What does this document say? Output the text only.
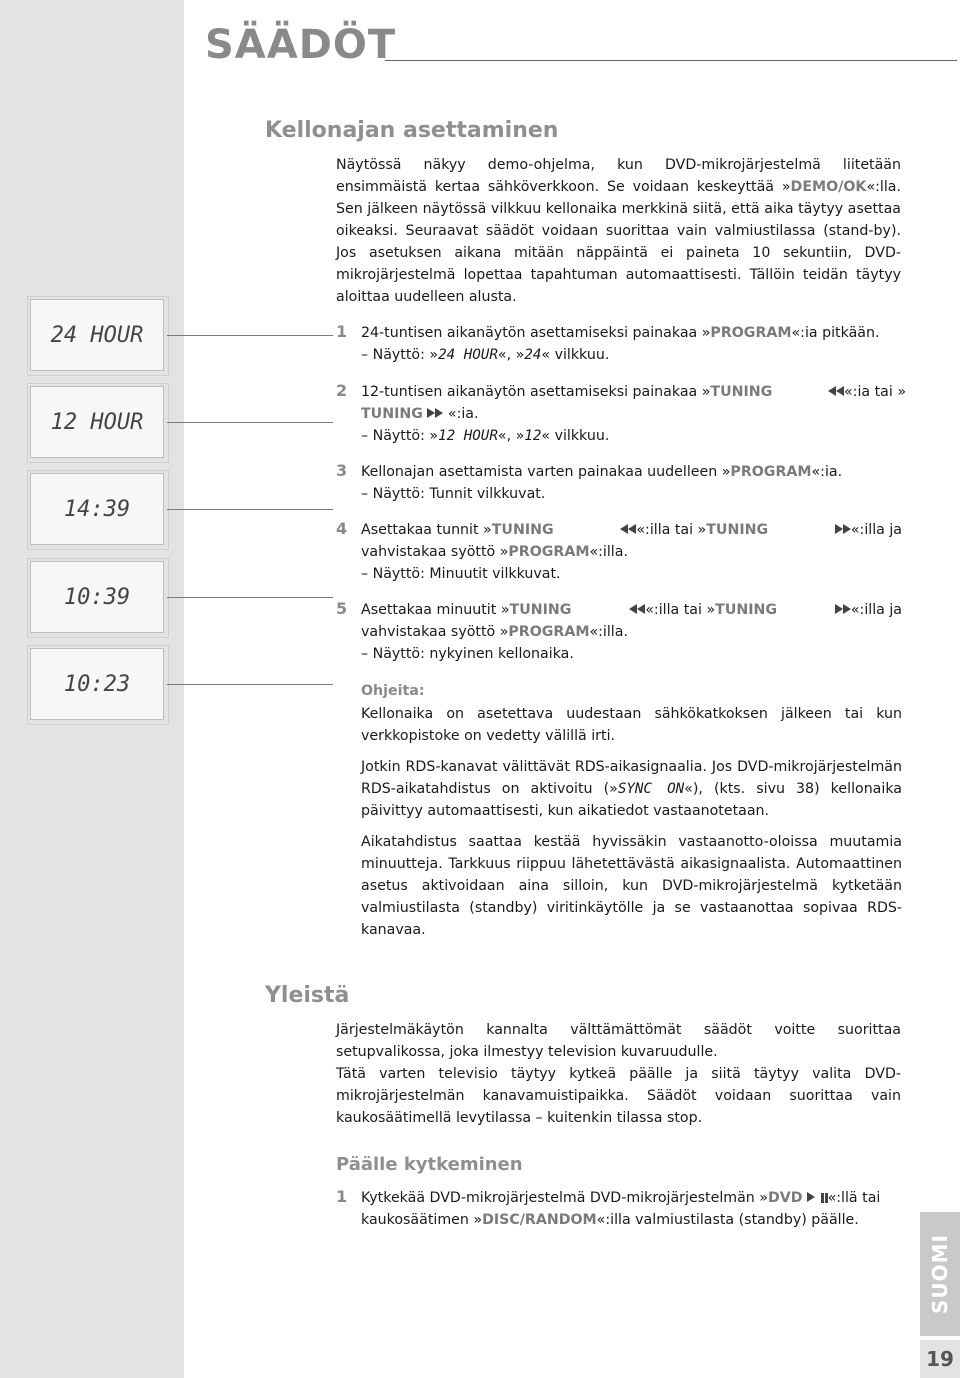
SÄÄDÖT
24 HOUR
12 HOUR
14:39
10:39
10:23
Kellonajan asettaminen
Näytössä näkyy demo-ohjelma, kun DVD-mikrojärjestelmä liitetään ensimmäistä kertaa sähköverkkoon. Se voidaan keskeyttää »DEMO/OK«:lla. Sen jälkeen näytössä vilkkuu kellonaika merkkinä siitä, että aika täytyy asettaa oikeaksi. Seuraavat säädöt voidaan suorittaa vain valmiustilassa (stand-by). Jos asetuksen aikana mitään näppäintä ei paineta 10 sekuntiin, DVD-mikrojärjestelmä lopettaa tapahtuman automaattisesti. Tällöin teidän täytyy aloittaa uudelleen alusta.
1 24-tuntisen aikanäytön asettamiseksi painakaa »PROGRAM«:ia pitkään.
– Näyttö: »24 HOUR«, »24« vilkkuu.
2 12-tuntisen aikanäytön asettamiseksi painakaa »TUNING	«:ia tai »
TUNING «:ia.
– Näyttö: »12 HOUR«, »12« vilkkuu.
3 Kellonajan asettamista varten painakaa uudelleen »PROGRAM«:ia.
– Näyttö: Tunnit vilkkuvat.
4 Asettakaa tunnit »TUNING	«:illa tai »TUNING	«:illa ja
vahvistakaa syöttö »PROGRAM«:illa.
– Näyttö: Minuutit vilkkuvat.
5 Asettakaa minuutit »TUNING	«:illa tai »TUNING	«:illa ja
vahvistakaa syöttö »PROGRAM«:illa.
– Näyttö: nykyinen kellonaika.
Ohjeita:
Kellonaika on asetettava uudestaan sähkökatkoksen jälkeen tai kun verkkopistoke on vedetty välillä irti.
Jotkin RDS-kanavat välittävät RDS-aikasignaalia. Jos DVD-mikrojärjestelmän RDS-aikatahdistus on aktivoitu (»SYNC ON«), (kts. sivu 38) kellonaika päivittyy automaattisesti, kun aikatiedot vastaanotetaan.
Aikatahdistus saattaa kestää hyvissäkin vastaanotto-oloissa muutamia minuutteja. Tarkkuus riippuu lähetettävästä aikasignaalista. Automaattinen asetus aktivoidaan aina silloin, kun DVD-mikrojärjestelmä kytketään valmiustilasta (standby) viritinkäytölle ja se vastaanottaa sopivaa RDS-kanavaa.
Yleistä
Järjestelmäkäytön kannalta välttämättömät säädöt voitte suorittaa setupvalikossa, joka ilmestyy television kuvaruudulle.
Tätä varten televisio täytyy kytkeä päälle ja siitä täytyy valita DVD-mikrojärjestelmän kanavamuistipaikka. Säädöt voidaan suorittaa vain kaukosäätimellä levytilassa – kuitenkin tilassa stop.
Päälle kytkeminen
1 Kytkekää DVD-mikrojärjestelmä DVD-mikrojärjestelmän »DVD «:llä tai
kaukosäätimen »DISC/RANDOM«:illa valmiustilasta (standby) päälle.
SUOMI
19
